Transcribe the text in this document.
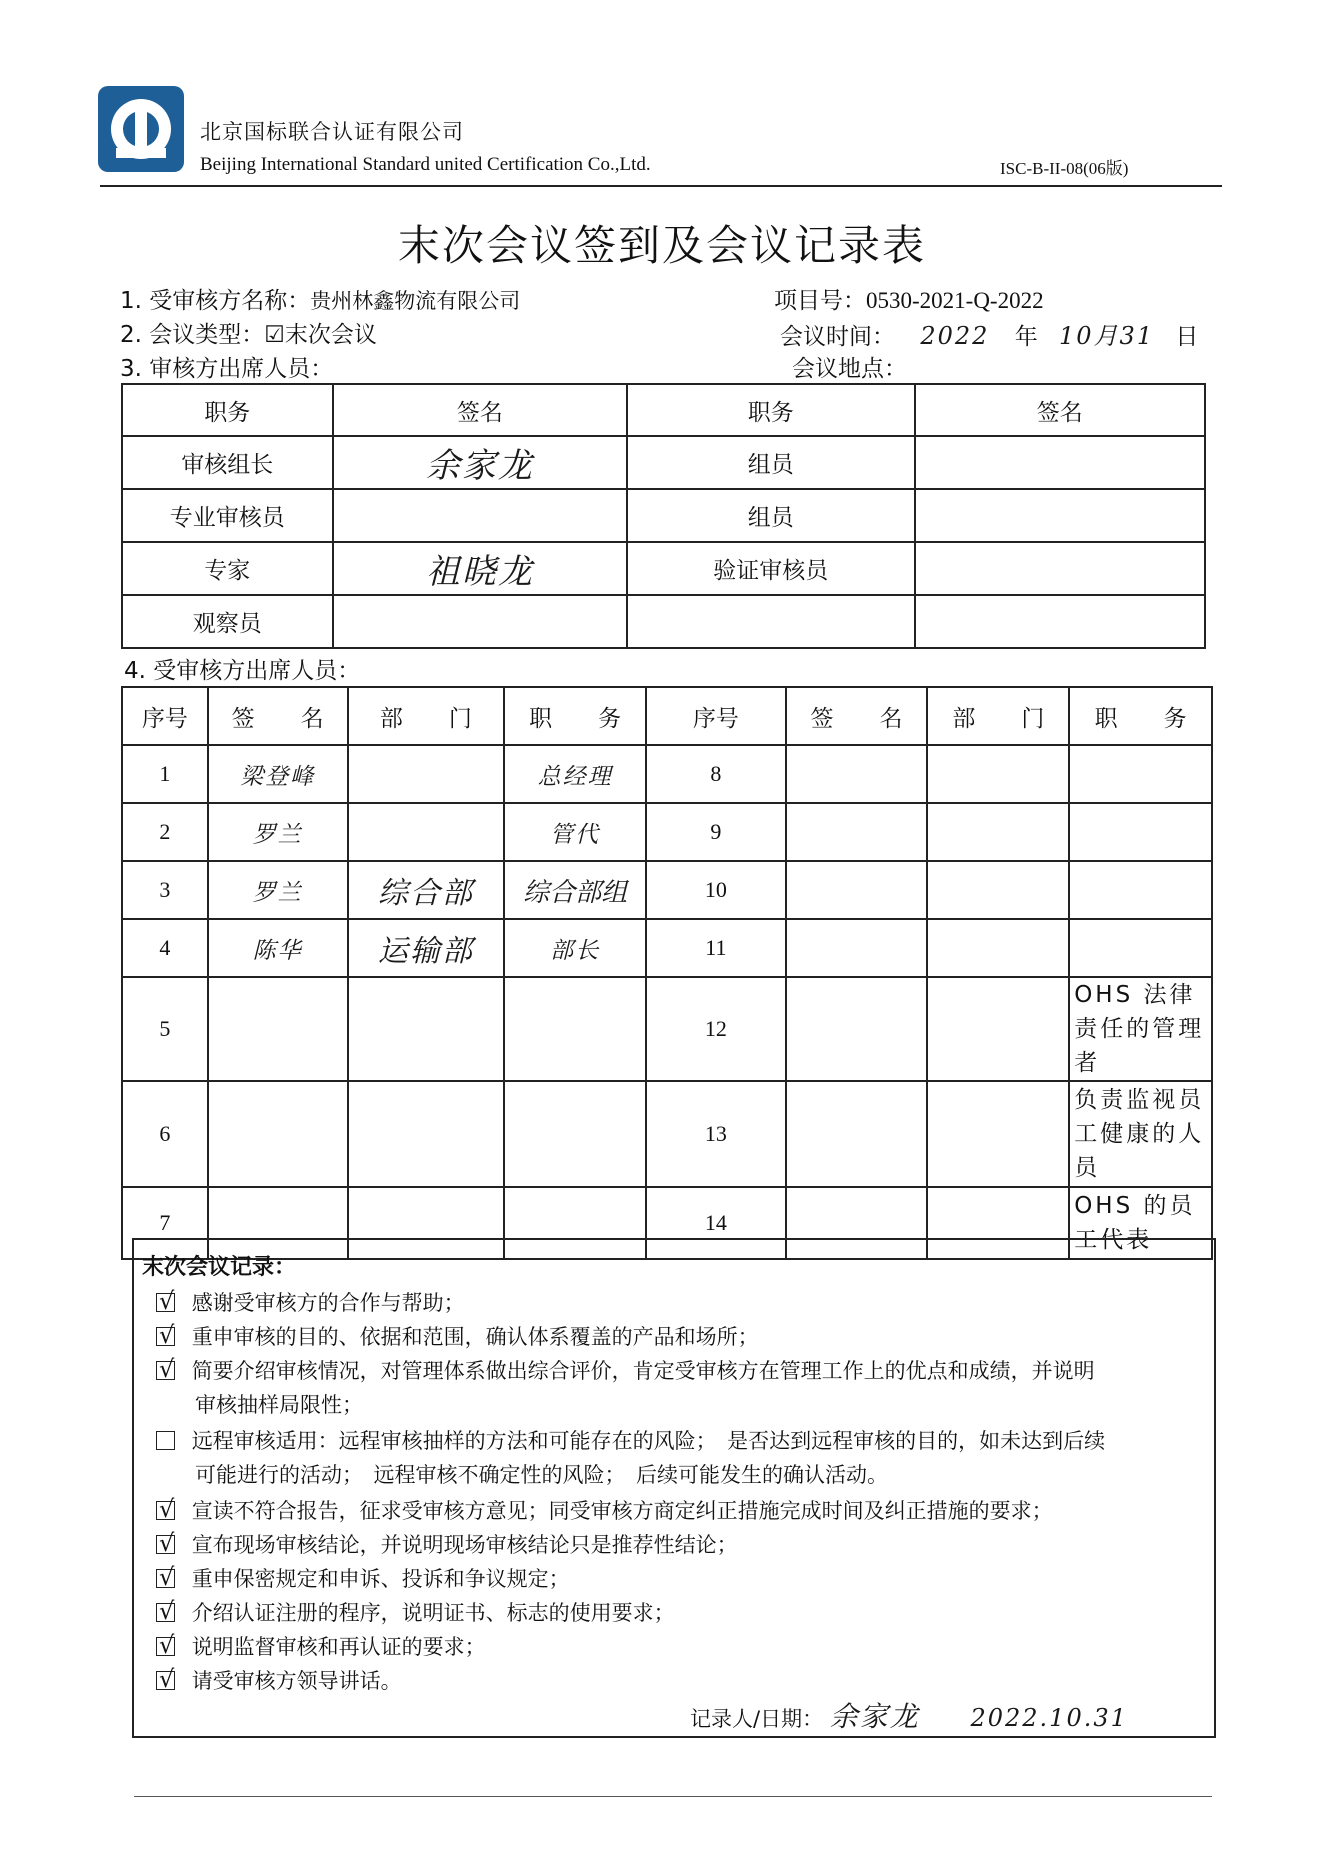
北京国标联合认证有限公司
Beijing International Standard united Certification Co.,Ltd.	ISC-B-II-08(06版)
末次会议签到及会议记录表
1. 受审核方名称：贵州林鑫物流有限公司	项目号：0530-2021-Q-2022
2. 会议类型：☑末次会议	会议时间： 2022 年 10月31 日
3. 审核方出席人员：	会议地点：
职务	签名	职务	签名
审核组长	余家龙	组员	
专业审核员		组员	
专家	祖晓龙	验证审核员	
观察员			
4. 受审核方出席人员：
序号	签　　名	部　　门	职　　务	序号	签　　名	部　　门	职　　务
1	梁登峰		总经理	8			
2	罗兰		管代	9			
3	罗兰	综合部	综合部组	10			
4	陈华	运输部	部长	11			
5				12			OHS 法律责任的管理者
6				13			负责监视员工健康的人员
7				14			OHS 的员工代表
末次会议记录：
√ 感谢受审核方的合作与帮助；
√ 重申审核的目的、依据和范围，确认体系覆盖的产品和场所；
√ 简要介绍审核情况，对管理体系做出综合评价，肯定受审核方在管理工作上的优点和成绩，并说明
审核抽样局限性；
远程审核适用：远程审核抽样的方法和可能存在的风险；　是否达到远程审核的目的，如未达到后续
可能进行的活动；　远程审核不确定性的风险；　后续可能发生的确认活动。
√ 宣读不符合报告，征求受审核方意见；同受审核方商定纠正措施完成时间及纠正措施的要求；
√ 宣布现场审核结论，并说明现场审核结论只是推荐性结论；
√ 重申保密规定和申诉、投诉和争议规定；
√ 介绍认证注册的程序，说明证书、标志的使用要求；
√ 说明监督审核和再认证的要求；
√ 请受审核方领导讲话。
记录人/日期： 余家龙 2022.10.31
